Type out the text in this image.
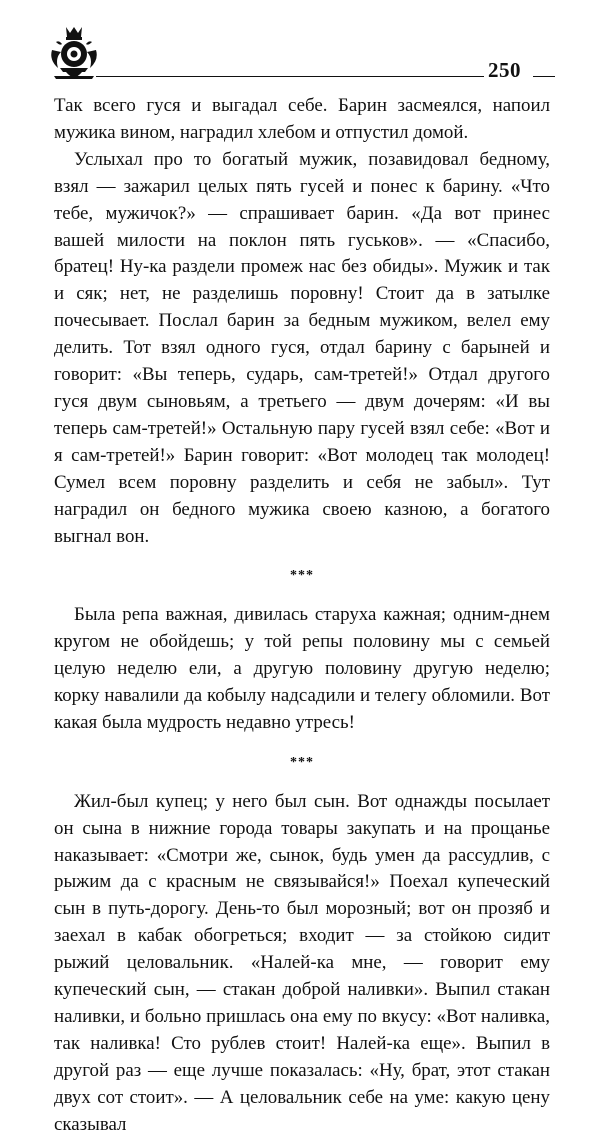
250

Так всего гуся и выгадал себе. Барин засмеялся, напоил мужика вином, наградил хлебом и отпустил домой.

Услыхал про то богатый мужик, позавидовал бедному, взял — зажарил целых пять гусей и понес к барину. «Что тебе, мужичок?» — спрашивает барин. «Да вот принес вашей милости на поклон пять гуськов». — «Спасибо, братец! Ну-ка раздели промеж нас без обиды». Мужик и так и сяк; нет, не разделишь поровну! Стоит да в затылке почесывает. Послал барин за бедным мужиком, велел ему делить. Тот взял одного гуся, отдал барину с барыней и говорит: «Вы теперь, сударь, сам-третей!» Отдал другого гуся двум сыновьям, а третьего — двум дочерям: «И вы теперь сам-третей!» Остальную пару гусей взял себе: «Вот и я сам-третей!» Барин говорит: «Вот молодец так молодец! Сумел всем поровну разделить и себя не забыл». Тут наградил он бедного мужика своею казною, а богатого выгнал вон.

***

Была репа важная, дивилась старуха кажная; одним-днем кругом не обойдешь; у той репы половину мы с семьей целую неделю ели, а другую половину другую неделю; корку навалили да кобылу надсадили и телегу обломили. Вот какая была мудрость недавно утресь!

***

Жил-был купец; у него был сын. Вот однажды посылает он сына в нижние города товары закупать и на прощанье наказывает: «Смотри же, сынок, будь умен да рассудлив, с рыжим да с красным не связывайся!» Поехал купеческий сын в путь-дорогу. День-то был морозный; вот он прозяб и заехал в кабак обогреться; входит — за стойкою сидит рыжий целовальник. «Налей-ка мне, — говорит ему купеческий сын, — стакан доброй наливки». Выпил стакан наливки, и больно пришлась она ему по вкусу: «Вот наливка, так наливка! Сто рублев стоит! Налей-ка еще». Выпил в другой раз — еще лучше показалась: «Ну, брат, этот стакан двух сот стоит». — А целовальник себе на уме: какую цену сказывал
